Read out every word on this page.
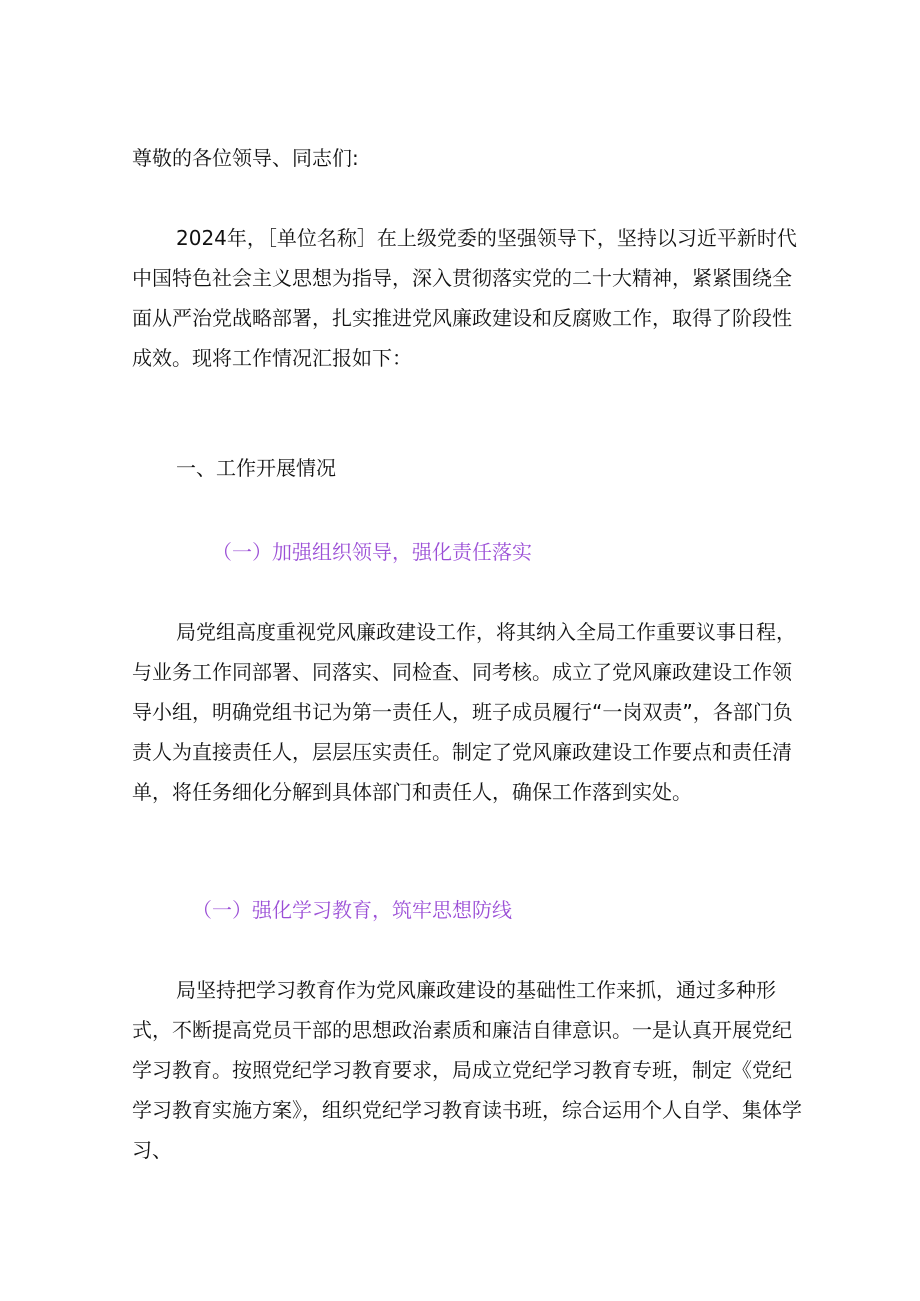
尊敬的各位领导、同志们:

2024年，［单位名称］在上级党委的坚强领导下，坚持以习近平新时代中国特色社会主义思想为指导，深入贯彻落实党的二十大精神，紧紧围绕全面从严治党战略部署，扎实推进党风廉政建设和反腐败工作，取得了阶段性成效。现将工作情况汇报如下：

一、工作开展情况

（一）加强组织领导，强化责任落实

局党组高度重视党风廉政建设工作，将其纳入全局工作重要议事日程，与业务工作同部署、同落实、同检查、同考核。成立了党风廉政建设工作领导小组，明确党组书记为第一责任人，班子成员履行“一岗双责”，各部门负责人为直接责任人，层层压实责任。制定了党风廉政建设工作要点和责任清单，将任务细化分解到具体部门和责任人，确保工作落到实处。

（一）强化学习教育，筑牢思想防线

局坚持把学习教育作为党风廉政建设的基础性工作来抓，通过多种形式，不断提高党员干部的思想政治素质和廉洁自律意识。一是认真开展党纪学习教育。按照党纪学习教育要求，局成立党纪学习教育专班，制定《党纪学习教育实施方案》，组织党纪学习教育读书班，综合运用个人自学、集体学习、
